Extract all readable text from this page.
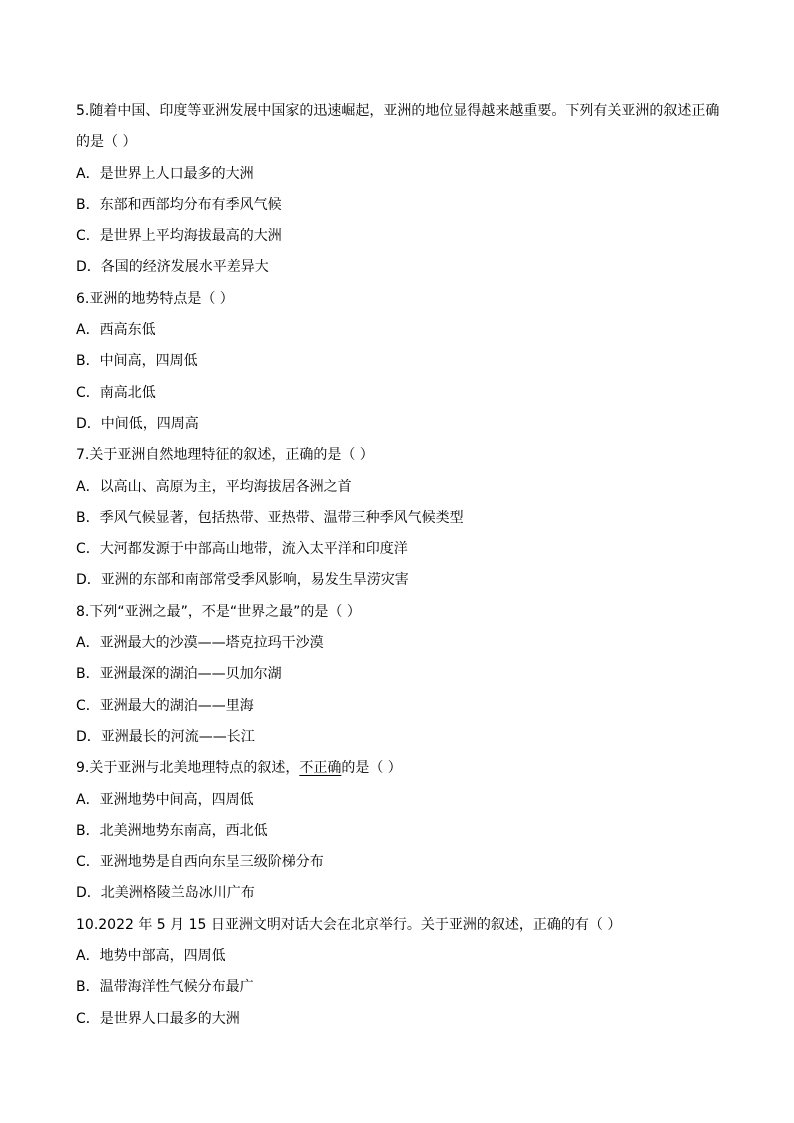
5.随着中国、印度等亚洲发展中国家的迅速崛起，亚洲的地位显得越来越重要。下列有关亚洲的叙述正确的是（ ）
A．是世界上人口最多的大洲
B．东部和西部均分布有季风气候
C．是世界上平均海拔最高的大洲
D．各国的经济发展水平差异大
6.亚洲的地势特点是（ ）
A．西高东低
B．中间高，四周低
C．南高北低
D．中间低，四周高
7.关于亚洲自然地理特征的叙述，正确的是（ ）
A．以高山、高原为主，平均海拔居各洲之首
B．季风气候显著，包括热带、亚热带、温带三种季风气候类型
C．大河都发源于中部高山地带，流入太平洋和印度洋
D．亚洲的东部和南部常受季风影响，易发生旱涝灾害
8.下列“亚洲之最”，不是“世界之最”的是（ ）
A．亚洲最大的沙漠——塔克拉玛干沙漠
B．亚洲最深的湖泊——贝加尔湖
C．亚洲最大的湖泊——里海
D．亚洲最长的河流——长江
9.关于亚洲与北美地理特点的叙述，不正确的是（ ）
A．亚洲地势中间高，四周低
B．北美洲地势东南高，西北低
C．亚洲地势是自西向东呈三级阶梯分布
D．北美洲格陵兰岛冰川广布
10.2022 年 5 月 15 日亚洲文明对话大会在北京举行。关于亚洲的叙述，正确的有（ ）
A．地势中部高，四周低
B．温带海洋性气候分布最广
C．是世界人口最多的大洲
